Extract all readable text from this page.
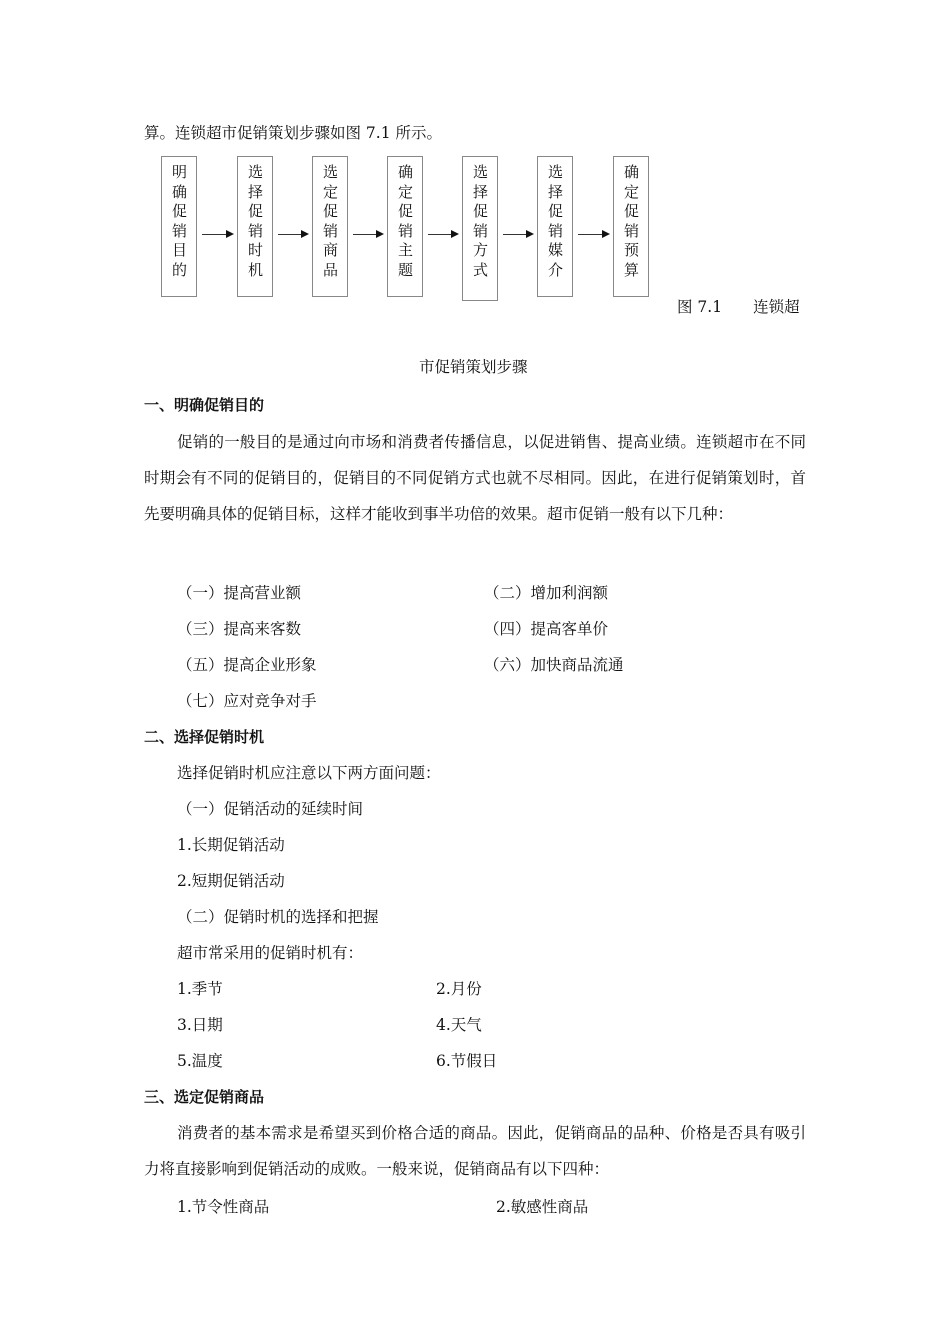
算。连锁超市促销策划步骤如图 7.1 所示。
明确促销目的
选择促销时机
选定促销商品
确定促销主题
选择促销方式
选择促销媒介
确定促销预算
图 7.1　　连锁超
市促销策划步骤
一、明确促销目的
促销的一般目的是通过向市场和消费者传播信息，以促进销售、提高业绩。连锁超市在不同时期会有不同的促销目的，促销目的不同促销方式也就不尽相同。因此，在进行促销策划时，首先要明确具体的促销目标，这样才能收到事半功倍的效果。超市促销一般有以下几种：
（一）提高营业额	（二）增加利润额
（三）提高来客数	（四）提高客单价
（五）提高企业形象	（六）加快商品流通
（七）应对竞争对手
二、选择促销时机
选择促销时机应注意以下两方面问题：
（一）促销活动的延续时间
1.长期促销活动
2.短期促销活动
（二）促销时机的选择和把握
超市常采用的促销时机有：
1.季节	2.月份
3.日期	4.天气
5.温度	6.节假日
三、选定促销商品
消费者的基本需求是希望买到价格合适的商品。因此，促销商品的品种、价格是否具有吸引力将直接影响到促销活动的成败。一般来说，促销商品有以下四种：
1.节令性商品	2.敏感性商品
